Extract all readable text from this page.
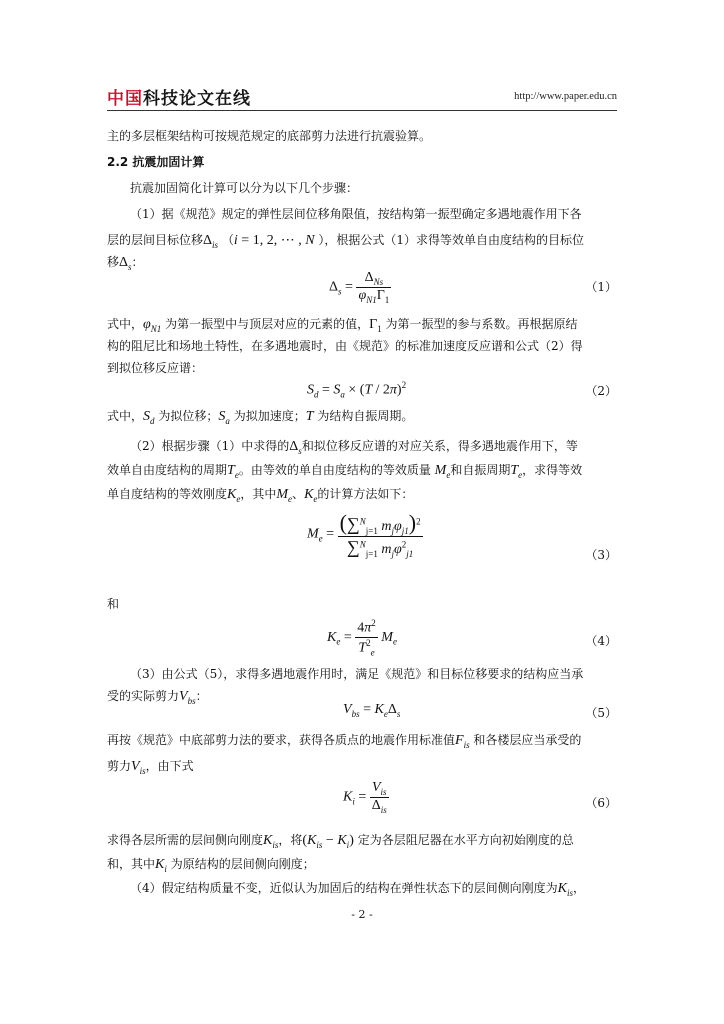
中国科技论文在线	http://www.paper.edu.cn
主的多层框架结构可按规范规定的底部剪力法进行抗震验算。
2.2 抗震加固计算
抗震加固简化计算可以分为以下几个步骤：
（1）据《规范》规定的弹性层间位移角限值，按结构第一振型确定多遇地震作用下各
层的层间目标位移$\Delta_{is}$ （i = 1, 2, ⋯ , N ），根据公式（1）求得等效单自由度结构的目标位
移$\Delta_s$：
$\Delta_s = \frac{\Delta_{Ns}}{\varphi_{N1}\Gamma_1}$	（1）
式中，$\varphi_{N1}$ 为第一振型中与顶层对应的元素的值，$\Gamma_1$ 为第一振型的参与系数。再根据原结
构的阻尼比和场地土特性，在多遇地震时，由《规范》的标准加速度反应谱和公式（2）得
到拟位移反应谱：
$S_d = S_a \times (T / 2\pi)^2$	（2）
式中，$S_d$ 为拟位移；$S_a$ 为拟加速度；T 为结构自振周期。
（2）根据步骤（1）中求得的$\Delta_s$和拟位移反应谱的对应关系，得多遇地震作用下，等
效单自由度结构的周期$T_e$。由等效的单自由度结构的等效质量 $M_e$和自振周期$T_e$，求得等效
单自度结构的等效刚度$K_e$，其中$M_e$、$K_e$的计算方法如下：
$M_e = \frac{(\sum^N_{j=1} m_j\varphi_{j1})^2}{\sum^N_{j=1} m_j\varphi^2_{j1}}$	（3）
和
$K_e = \frac{4\pi^2}{T^2_e} M_e$	（4）
（3）由公式（5），求得多遇地震作用时，满足《规范》和目标位移要求的结构应当承
受的实际剪力$V_{bs}$：
$V_{bs} = K_e\Delta_s$	（5）
再按《规范》中底部剪力法的要求，获得各质点的地震作用标准值$F_{is}$ 和各楼层应当承受的
剪力$V_{is}$，由下式
$K_i = \frac{V_{is}}{\Delta_{is}}$	（6）
求得各层所需的层间侧向刚度$K_{is}$，将$(K_{is} - K_i)$ 定为各层阻尼器在水平方向初始刚度的总
和，其中$K_i$ 为原结构的层间侧向刚度；
（4）假定结构质量不变，近似认为加固后的结构在弹性状态下的层间侧向刚度为$K_{is}$，
- 2 -
